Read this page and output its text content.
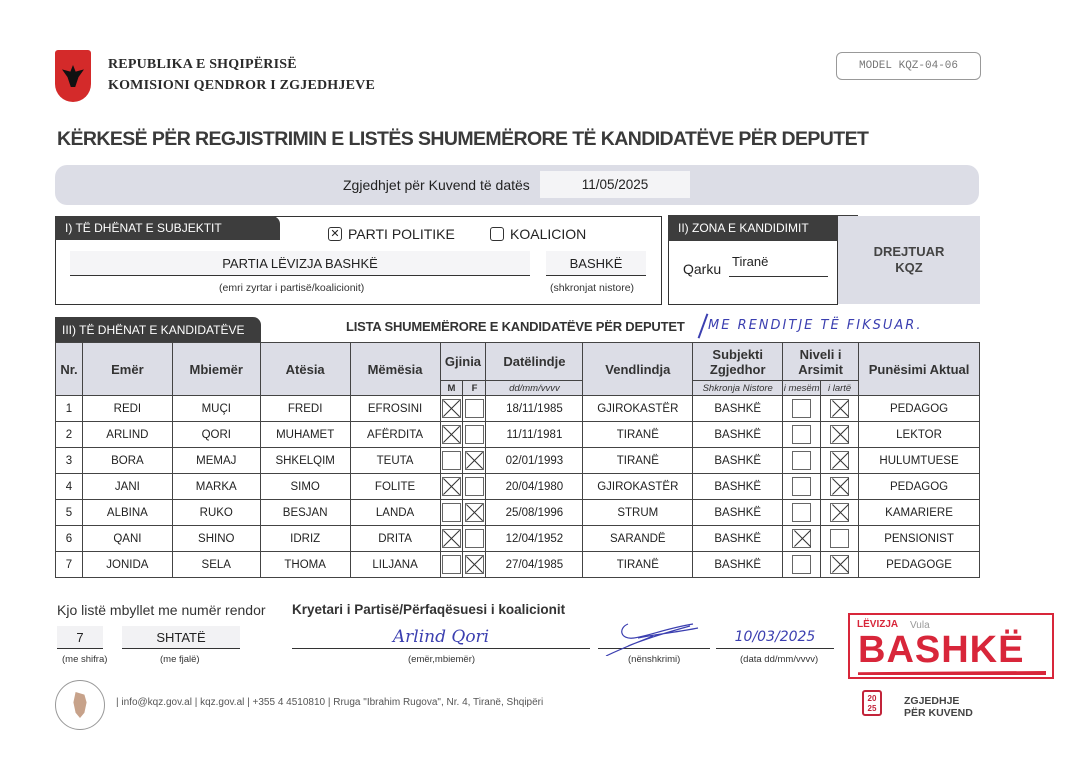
REPUBLIKA E SHQIPËRISË
KOMISIONI QENDROR I ZGJEDHJEVE
MODEL KQZ-04-06
KËRKESË PËR REGJISTRIMIN E LISTËS SHUMEMËRORE TË KANDIDATËVE PËR DEPUTET
Zgjedhjet për Kuvend të datës	11/05/2025
I) TË DHËNAT E SUBJEKTIT	✕ PARTI POLITIKE	KOALICION
PARTIA LËVIZJA BASHKË	BASHKË
(emri zyrtar i partisë/koalicionit)	(shkronjat nistore)
II) ZONA E KANDIDIMIT
Qarku Tiranë
DREJTUAR
KQZ
III) TË DHËNAT E KANDIDATËVE	LISTA SHUMEMËRORE E KANDIDATËVE PËR DEPUTET ME RENDITJE TË FIKSUAR.
Nr.	Emër	Mbiemër	Atësia	Mëmësia	Gjinia		Datëlindje	Vendlindja	Subjekti Zgjedhor	Niveli i Arsimit		Punësimi Aktual
					M	F	dd/mm/vvvv		Shkronja Nistore	i mesëm	i lartë	
1	REDI	MUÇI	FREDI	EFROSINI			18/11/1985	GJIROKASTËR	BASHKË			PEDAGOG
2	ARLIND	QORI	MUHAMET	AFËRDITA			11/11/1981	TIRANË	BASHKË			LEKTOR
3	BORA	MEMAJ	SHKELQIM	TEUTA			02/01/1993	TIRANË	BASHKË			HULUMTUESE
4	JANI	MARKA	SIMO	FOLITE			20/04/1980	GJIROKASTËR	BASHKË			PEDAGOG
5	ALBINA	RUKO	BESJAN	LANDA			25/08/1996	STRUM	BASHKË			KAMARIERE
6	QANI	SHINO	IDRIZ	DRITA			12/04/1952	SARANDË	BASHKË			PENSIONIST
7	JONIDA	SELA	THOMA	LILJANA			27/04/1985	TIRANË	BASHKË			PEDAGOGE
Kjo listë mbyllet me numër rendor
7	SHTATË
(me shifra)	(me fjalë)
Kryetari i Partisë/Përfaqësuesi i koalicionit
Arlind Qori
(emër,mbiemër)	(nënshkrimi)
10/03/2025
(data dd/mm/vvvv)
LËVIZJA Vula
BASHKË
20 25
ZGJEDHJE
PËR KUVEND
| info@kqz.gov.al | kqz.gov.al | +355 4 4510810 | Rruga "Ibrahim Rugova", Nr. 4, Tiranë, Shqipëri
